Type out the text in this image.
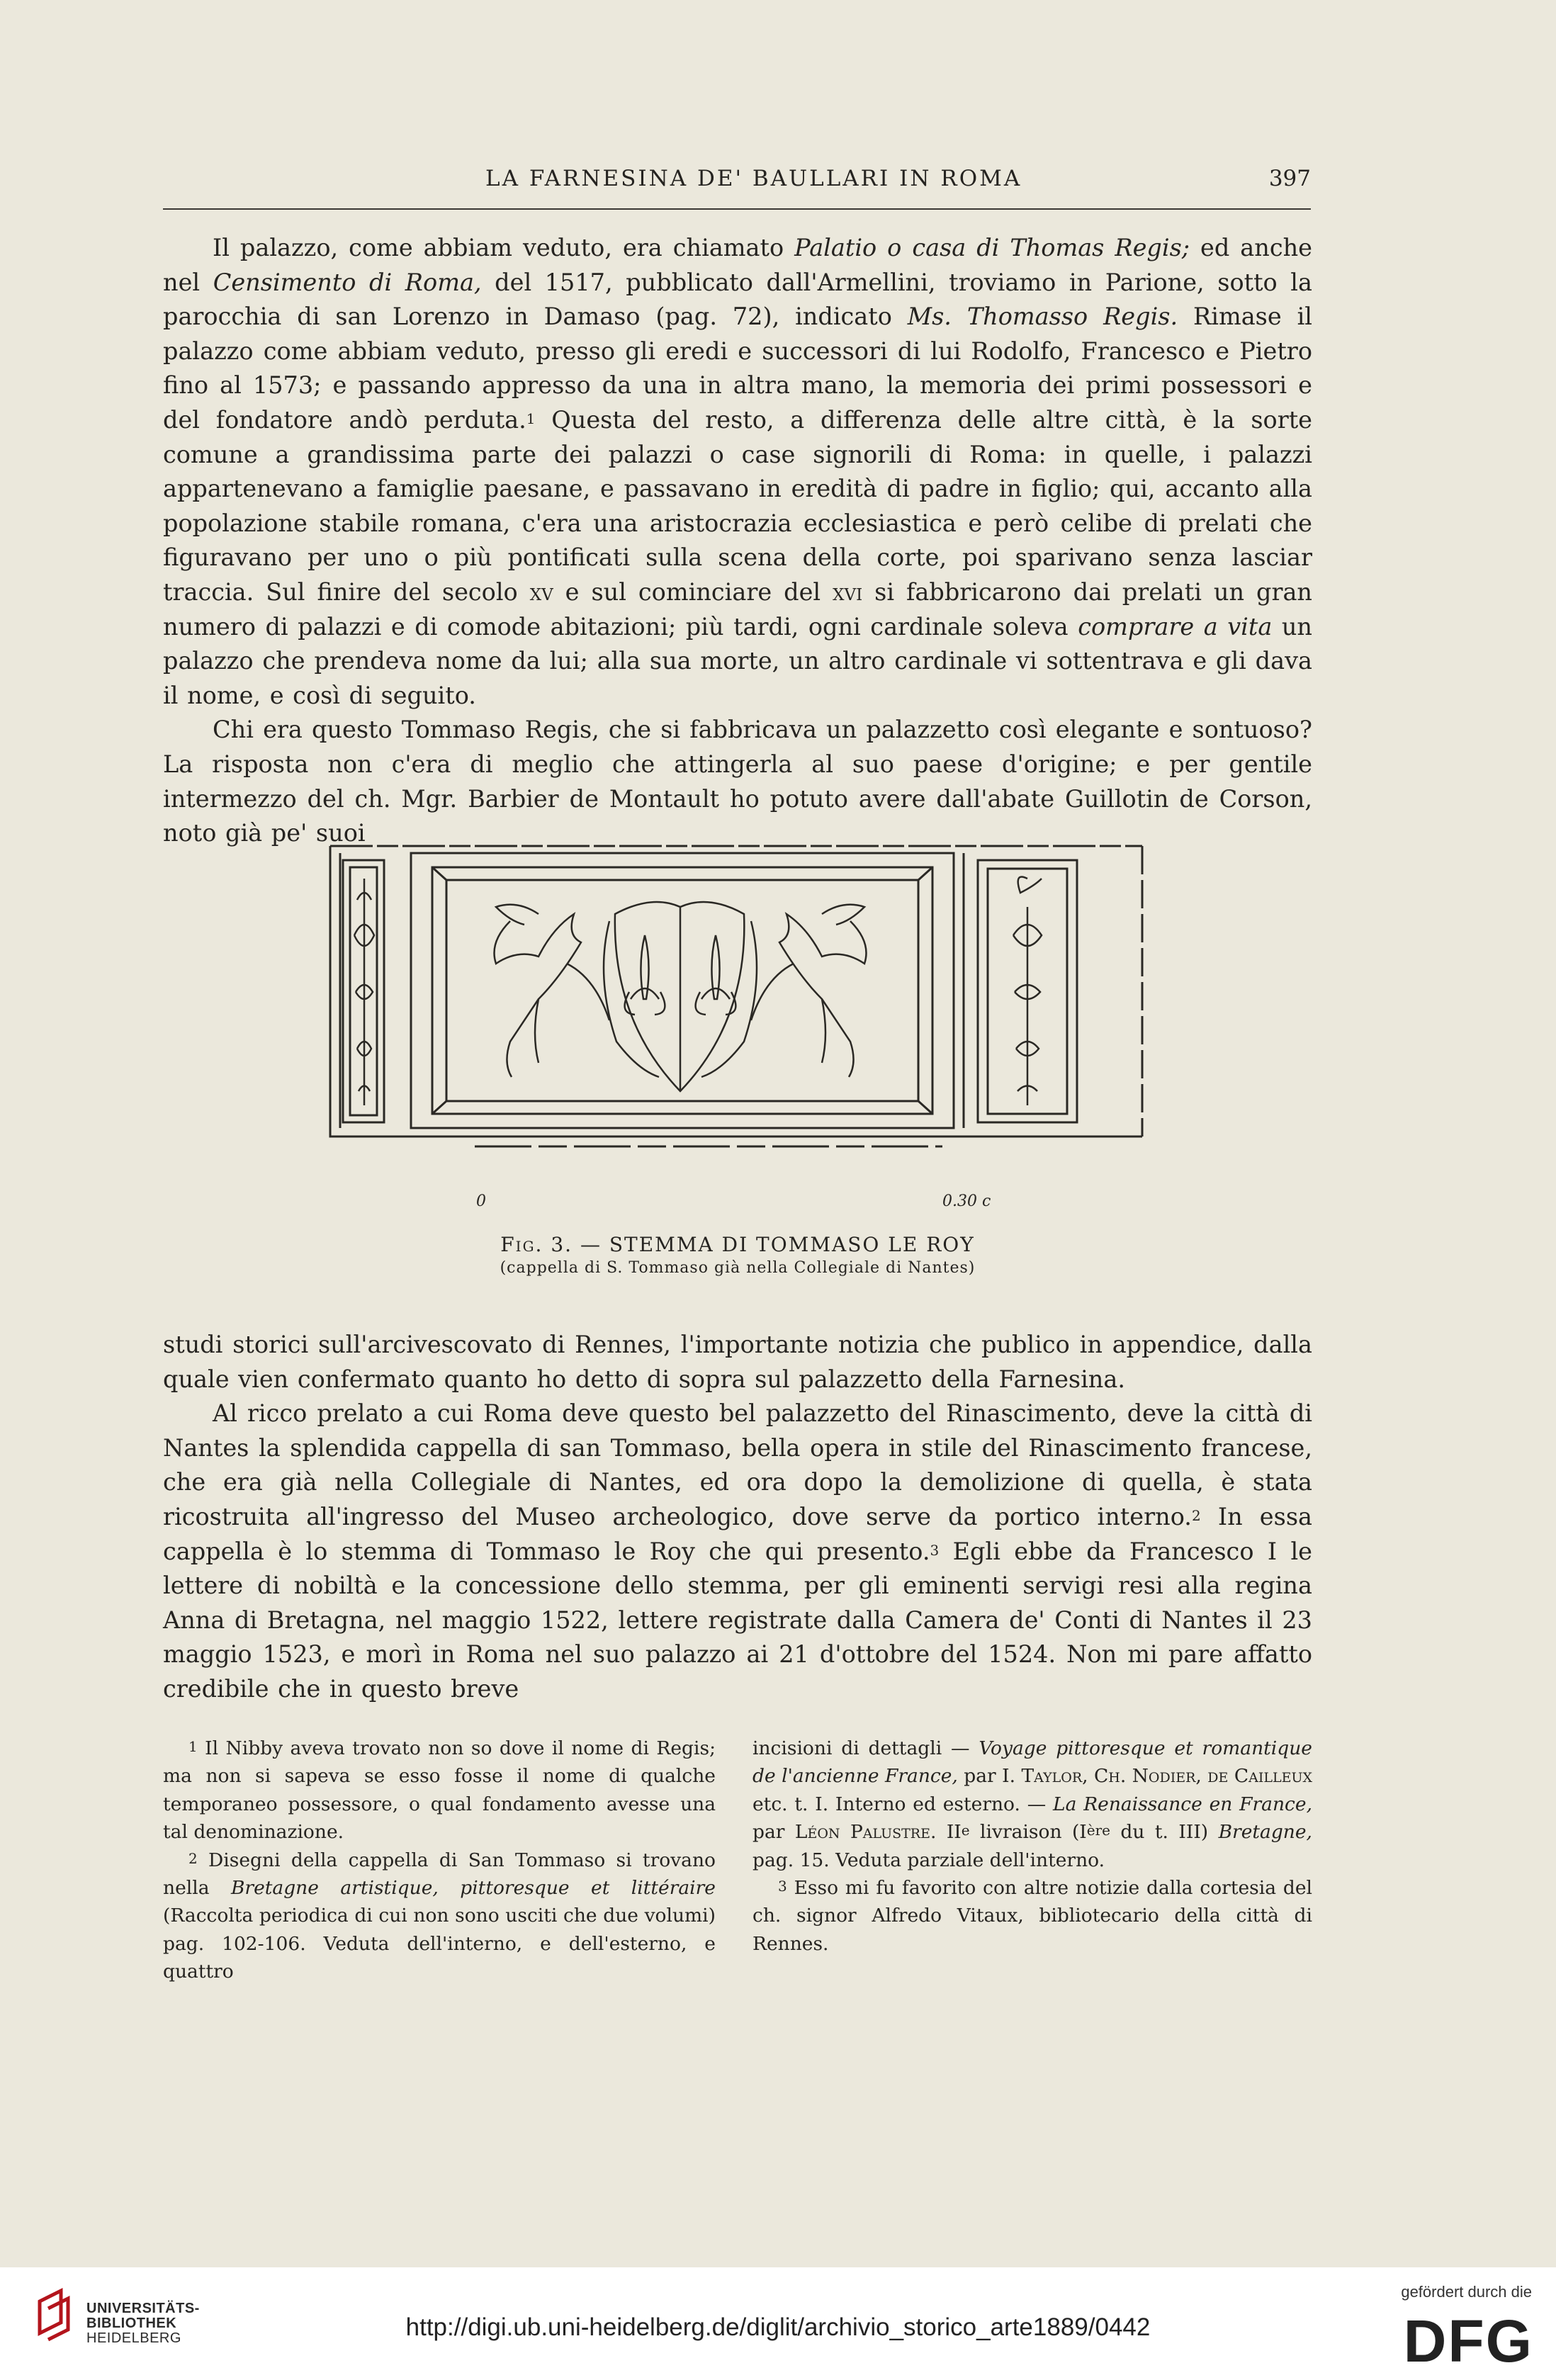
LA FARNESINA DE' BAULLARI IN ROMA	397

Il palazzo, come abbiam veduto, era chiamato Palatio o casa di Thomas Regis; ed anche nel Censimento di Roma, del 1517, pubblicato dall'Armellini, troviamo in Parione, sotto la parocchia di san Lorenzo in Damaso (pag. 72), indicato Ms. Thomasso Regis. Rimase il palazzo come abbiam veduto, presso gli eredi e successori di lui Rodolfo, Francesco e Pietro fino al 1573; e passando appresso da una in altra mano, la memoria dei primi possessori e del fondatore andò perduta.$^1$ Questa del resto, a differenza delle altre città, è la sorte comune a grandissima parte dei palazzi o case signorili di Roma: in quelle, i palazzi appartenevano a famiglie paesane, e passavano in eredità di padre in figlio; qui, accanto alla popolazione stabile romana, c'era una aristocrazia ecclesiastica e però celibe di prelati che figuravano per uno o più pontificati sulla scena della corte, poi sparivano senza lasciar traccia. Sul finire del secolo xv e sul cominciare del xvi si fabbricarono dai prelati un gran numero di palazzi e di comode abitazioni; più tardi, ogni cardinale soleva comprare a vita un palazzo che prendeva nome da lui; alla sua morte, un altro cardinale vi sottentrava e gli dava il nome, e così di seguito.

Chi era questo Tommaso Regis, che si fabbricava un palazzetto così elegante e sontuoso? La risposta non c'era di meglio che attingerla al suo paese d'origine; e per gentile intermezzo del ch. Mgr. Barbier de Montault ho potuto avere dall'abate Guillotin de Corson, noto già pe' suoi

0	0.30 c
Fig. 3. — STEMMA DI TOMMASO LE ROY
(cappella di S. Tommaso già nella Collegiale di Nantes)

studi storici sull'arcivescovato di Rennes, l'importante notizia che publico in appendice, dalla quale vien confermato quanto ho detto di sopra sul palazzetto della Farnesina.

Al ricco prelato a cui Roma deve questo bel palazzetto del Rinascimento, deve la città di Nantes la splendida cappella di san Tommaso, bella opera in stile del Rinascimento francese, che era già nella Collegiale di Nantes, ed ora dopo la demolizione di quella, è stata ricostruita all'ingresso del Museo archeologico, dove serve da portico interno.$^2$ In essa cappella è lo stemma di Tommaso le Roy che qui presento.$^3$ Egli ebbe da Francesco I le lettere di nobiltà e la concessione dello stemma, per gli eminenti servigi resi alla regina Anna di Bretagna, nel maggio 1522, lettere registrate dalla Camera de' Conti di Nantes il 23 maggio 1523, e morì in Roma nel suo palazzo ai 21 d'ottobre del 1524. Non mi pare affatto credibile che in questo breve

$^1$ Il Nibby aveva trovato non so dove il nome di Regis; ma non si sapeva se esso fosse il nome di qualche temporaneo possessore, o qual fondamento avesse una tal denominazione.

$^2$ Disegni della cappella di San Tommaso si trovano nella Bretagne artistique, pittoresque et littéraire (Raccolta periodica di cui non sono usciti che due volumi) pag. 102-106. Veduta dell'interno, e dell'esterno, e quattro

incisioni di dettagli — Voyage pittoresque et romantique de l'ancienne France, par I. Taylor, Ch. Nodier, de Cailleux etc. t. I. Interno ed esterno. — La Renaissance en France, par Léon Palustre. IIe livraison (Ière du t. III) Bretagne, pag. 15. Veduta parziale dell'interno.

$^3$ Esso mi fu favorito con altre notizie dalla cortesia del ch. signor Alfredo Vitaux, bibliotecario della città di Rennes.

UNIVERSITÄTS-
BIBLIOTHEK
HEIDELBERG	http://digi.ub.uni-heidelberg.de/diglit/archivio_storico_arte1889/0442
gefördert durch die
DFG
